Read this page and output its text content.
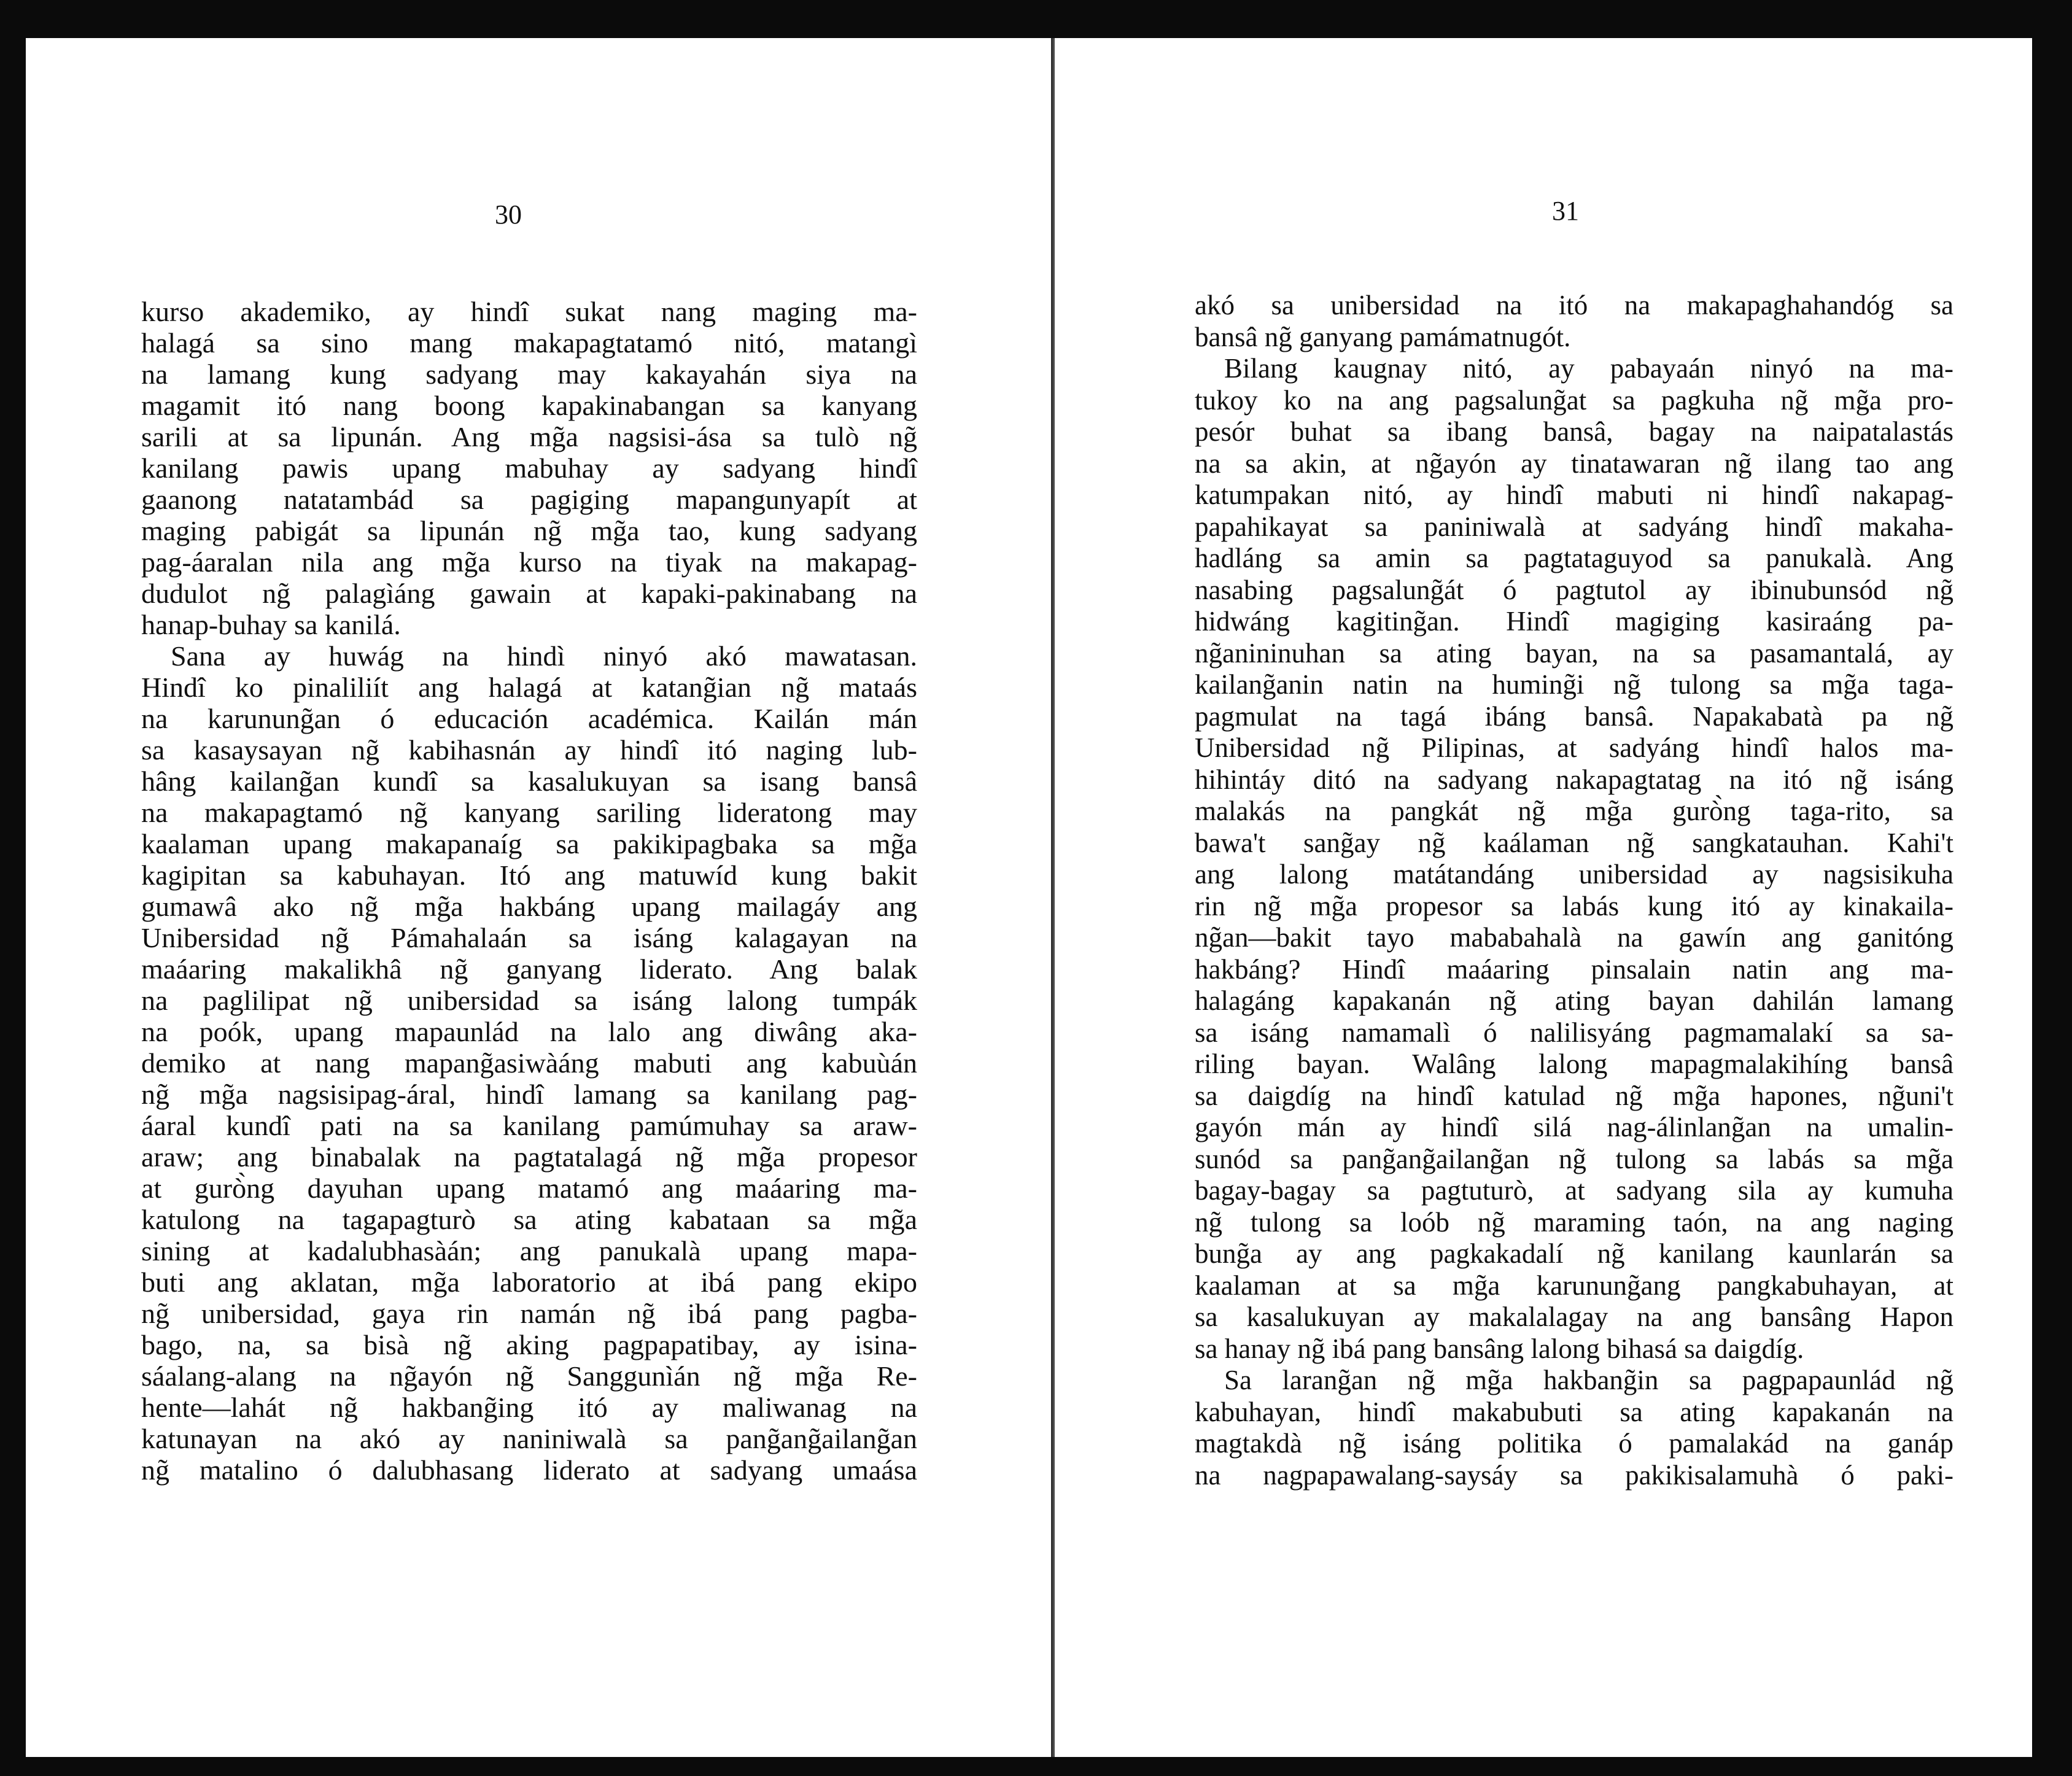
30
kurso akademiko, ay hindî sukat nang maging ma-
halagá sa sino mang makapagtatamó nitó, matangì
na lamang kung sadyang may kakayahán siya na
magamit itó nang boong kapakinabangan sa kanyang
sarili at sa lipunán. Ang mg̃a nagsisi-ása sa tulò ng̃
kanilang pawis upang mabuhay ay sadyang hindî
gaanong natatambád sa pagiging mapangunyapít at
maging pabigát sa lipunán ng̃ mg̃a tao, kung sadyang
pag-áaralan nila ang mg̃a kurso na tiyak na makapag-
dudulot ng̃ palagìáng gawain at kapaki-pakinabang na
hanap-buhay sa kanilá.
Sana ay huwág na hindì ninyó akó mawatasan.
Hindî ko pinaliliít ang halagá at katang̃ian ng̃ mataás
na karunung̃an ó educación académica. Kailán mán
sa kasaysayan ng̃ kabihasnán ay hindî itó naging lub-
hâng kailang̃an kundî sa kasalukuyan sa isang bansâ
na makapagtamó ng̃ kanyang sariling lideratong may
kaalaman upang makapanaíg sa pakikipagbaka sa mg̃a
kagipitan sa kabuhayan. Itó ang matuwíd kung bakit
gumawâ ako ng̃ mg̃a hakbáng upang mailagáy ang
Unibersidad ng̃ Pámahalaán sa isáng kalagayan na
maáaring makalikhâ ng̃ ganyang liderato. Ang balak
na paglilipat ng̃ unibersidad sa isáng lalong tumpák
na poók, upang mapaunlád na lalo ang diwâng aka-
demiko at nang mapang̃asiwàáng mabuti ang kabuùán
ng̃ mg̃a nagsisipag-áral, hindî lamang sa kanilang pag-
áaral kundî pati na sa kanilang pamúmuhay sa araw-
araw; ang binabalak na pagtatalagá ng̃ mg̃a propesor
at gurò̀ng dayuhan upang matamó ang maáaring ma-
katulong na tagapagturò sa ating kabataan sa mg̃a
sining at kadalubhasàán; ang panukalà upang mapa-
buti ang aklatan, mg̃a laboratorio at ibá pang ekipo
ng̃ unibersidad, gaya rin namán ng̃ ibá pang pagba-
bago, na, sa bisà ng̃ aking pagpapatibay, ay isina-
sáalang-alang na ng̃ayón ng̃ Sanggunìán ng̃ mg̃a Re-
hente—lahát ng̃ hakbang̃ing itó ay maliwanag na
katunayan na akó ay naniniwalà sa pang̃ang̃ailang̃an
ng̃ matalino ó dalubhasang liderato at sadyang umaása
31
akó sa unibersidad na itó na makapaghahandóg sa
bansâ ng̃ ganyang pamámatnugót.
Bilang kaugnay nitó, ay pabayaán ninyó na ma-
tukoy ko na ang pagsalung̃at sa pagkuha ng̃ mg̃a pro-
pesór buhat sa ibang bansâ, bagay na naipatalastás
na sa akin, at ng̃ayón ay tinatawaran ng̃ ilang tao ang
katumpakan nitó, ay hindî mabuti ni hindî nakapag-
papahikayat sa paniniwalà at sadyáng hindî makaha-
hadláng sa amin sa pagtataguyod sa panukalà. Ang
nasabing pagsalung̃át ó pagtutol ay ibinubunsód ng̃
hidwáng kagiting̃an. Hindî magiging kasiraáng pa-
ng̃anininuhan sa ating bayan, na sa pasamantalá, ay
kailang̃anin natin na huming̃i ng̃ tulong sa mg̃a taga-
pagmulat na tagá ibáng bansâ. Napakabatà pa ng̃
Unibersidad ng̃ Pilipinas, at sadyáng hindî halos ma-
hihintáy ditó na sadyang nakapagtatag na itó ng̃ isáng
malakás na pangkát ng̃ mg̃a gurò̀ng taga-rito, sa
bawa't sang̃ay ng̃ kaálaman ng̃ sangkatauhan. Kahi't
ang lalong matátandáng unibersidad ay nagsisikuha
rin ng̃ mg̃a propesor sa labás kung itó ay kinakaila-
ng̃an—bakit tayo mababahalà na gawín ang ganitóng
hakbáng? Hindî maáaring pinsalain natin ang ma-
halagáng kapakanán ng̃ ating bayan dahilán lamang
sa isáng namamalì ó nalilisyáng pagmamalakí sa sa-
riling bayan. Walâng lalong mapagmalakihíng bansâ
sa daigdíg na hindî katulad ng̃ mg̃a hapones, ng̃uni't
gayón mán ay hindî silá nag-álinlang̃an na umalin-
sunód sa pang̃ang̃ailang̃an ng̃ tulong sa labás sa mg̃a
bagay-bagay sa pagtuturò, at sadyang sila ay kumuha
ng̃ tulong sa loób ng̃ maraming taón, na ang naging
bung̃a ay ang pagkakadalí ng̃ kanilang kaunlarán sa
kaalaman at sa mg̃a karunung̃ang pangkabuhayan, at
sa kasalukuyan ay makalalagay na ang bansâng Hapon
sa hanay ng̃ ibá pang bansâng lalong bihasá sa daigdíg.
Sa larang̃an ng̃ mg̃a hakbang̃in sa pagpapaunlád ng̃
kabuhayan, hindî makabubuti sa ating kapakanán na
magtakdà ng̃ isáng politika ó pamalakád na ganáp
na nagpapawalang-saysáy sa pakikisalamuhà ó paki-
